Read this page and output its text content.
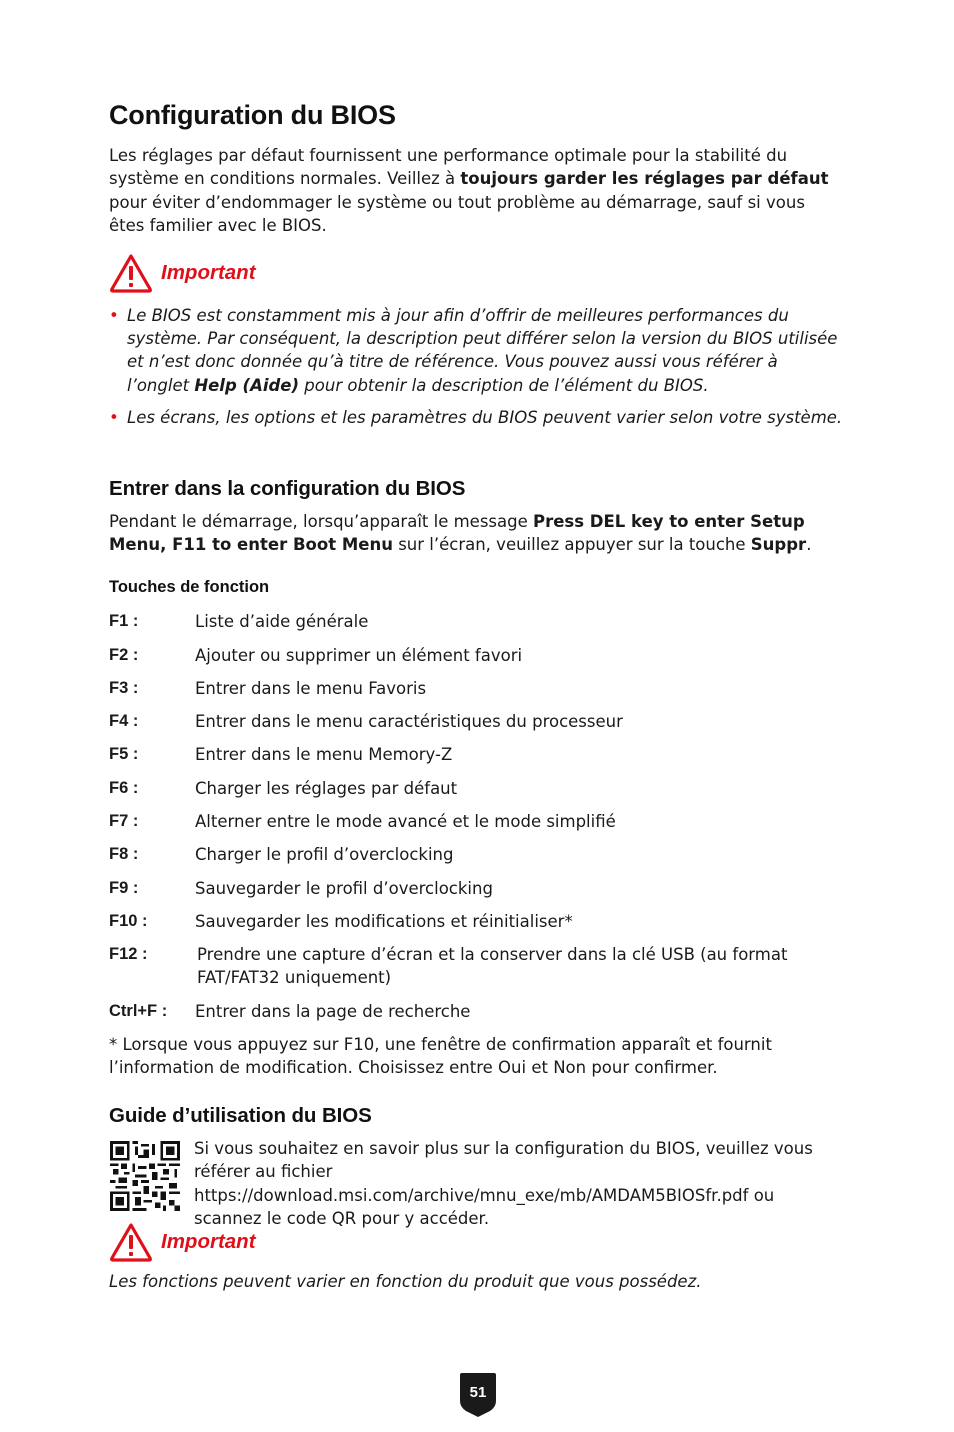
Configuration du BIOS
Les réglages par défaut fournissent une performance optimale pour la stabilité du système en conditions normales. Veillez à toujours garder les réglages par défaut pour éviter d’endommager le système ou tout problème au démarrage, sauf si vous êtes familier avec le BIOS.
Important
• Le BIOS est constamment mis à jour afin d’offrir de meilleures performances du système. Par conséquent, la description peut différer selon la version du BIOS utilisée et n’est donc donnée qu’à titre de référence. Vous pouvez aussi vous référer à l’onglet Help (Aide) pour obtenir la description de l’élément du BIOS.
• Les écrans, les options et les paramètres du BIOS peuvent varier selon votre système.
Entrer dans la configuration du BIOS
Pendant le démarrage, lorsqu’apparaît le message Press DEL key to enter Setup Menu, F11 to enter Boot Menu sur l’écran, veuillez appuyer sur la touche Suppr.
Touches de fonction
F1 :	Liste d’aide générale
F2 :	Ajouter ou supprimer un élément favori
F3 :	Entrer dans le menu Favoris
F4 :	Entrer dans le menu caractéristiques du processeur
F5 :	Entrer dans le menu Memory-Z
F6 :	Charger les réglages par défaut
F7 :	Alterner entre le mode avancé et le mode simplifié
F8 :	Charger le profil d’overclocking
F9 :	Sauvegarder le profil d’overclocking
F10 :	Sauvegarder les modifications et réinitialiser*
F12 :	Prendre une capture d’écran et la conserver dans la clé USB (au format FAT/FAT32 uniquement)
Ctrl+F : Entrer dans la page de recherche
* Lorsque vous appuyez sur F10, une fenêtre de confirmation apparaît et fournit l’information de modification. Choisissez entre Oui et Non pour confirmer.
Guide d’utilisation du BIOS
Si vous souhaitez en savoir plus sur la configuration du BIOS, veuillez vous référer au fichier https://download.msi.com/archive/mnu_exe/mb/AMDAM5BIOSfr.pdf ou scannez le code QR pour y accéder.
Important
Les fonctions peuvent varier en fonction du produit que vous possédez.
51
